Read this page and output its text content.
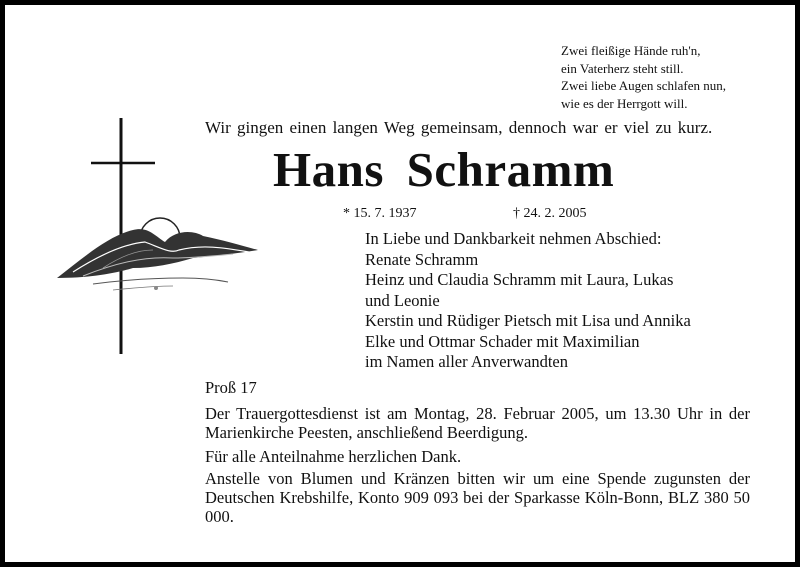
Zwei fleißige Hände ruh'n,
ein Vaterherz steht still.
Zwei liebe Augen schlafen nun,
wie es der Herrgott will.
Wir gingen einen langen Weg gemeinsam, dennoch war er viel zu kurz.
Hans Schramm
* 15. 7. 1937	† 24. 2. 2005
In Liebe und Dankbarkeit nehmen Abschied:
Renate Schramm
Heinz und Claudia Schramm mit Laura, Lukas
und Leonie
Kerstin und Rüdiger Pietsch mit Lisa und Annika
Elke und Ottmar Schader mit Maximilian
im Namen aller Anverwandten
Proß 17
Der Trauergottesdienst ist am Montag, 28. Februar 2005, um 13.30 Uhr in der Marienkirche Peesten, anschließend Beerdigung.
Für alle Anteilnahme herzlichen Dank.
Anstelle von Blumen und Kränzen bitten wir um eine Spende zugunsten der Deutschen Krebshilfe, Konto 909 093 bei der Sparkasse Köln-Bonn, BLZ 380 50 000.
